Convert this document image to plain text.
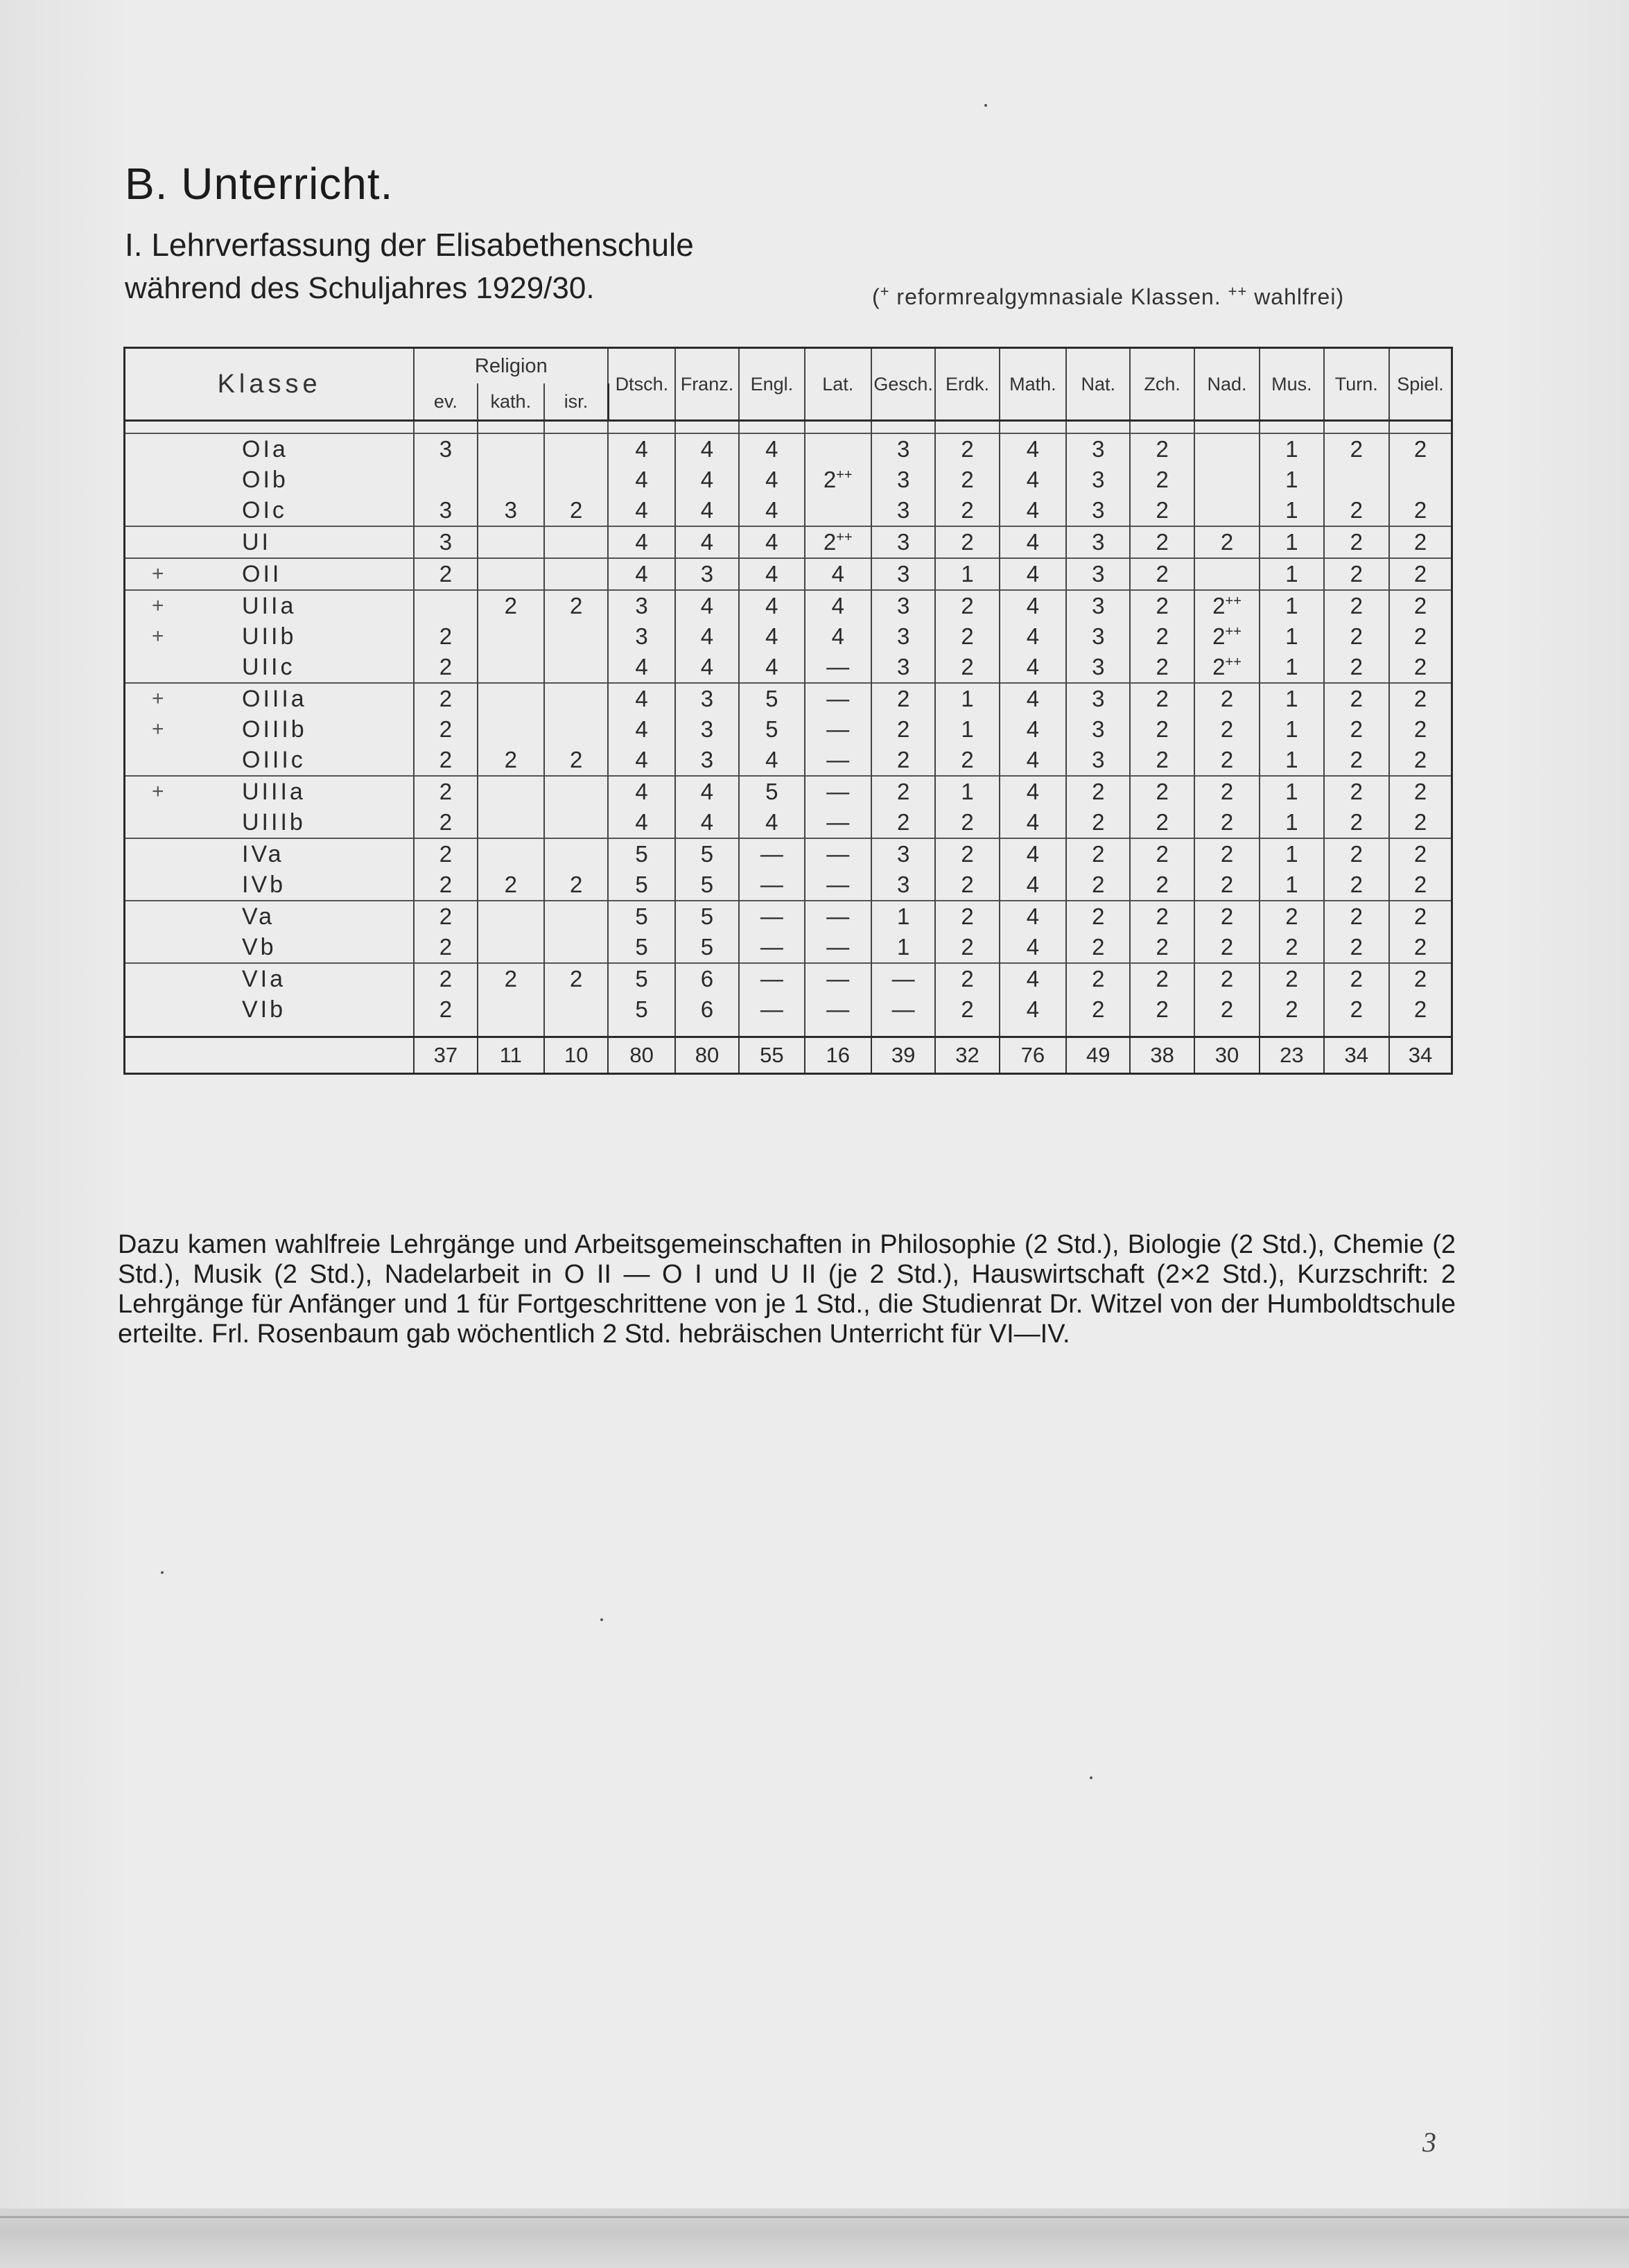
B. Unterricht.
I. Lehrverfassung der Elisabethenschule
während des Schuljahres 1929/30.	(+ reformrealgymnasiale Klassen. ++ wahlfrei)
Klasse	Religion			Dtsch.	Franz.	Engl.	Lat.	Gesch.	Erdk.	Math.	Nat.	Zch.	Nad.	Mus.	Turn.	Spiel.
	ev.	kath.	isr.													

OIa	3			4	4	4		3	2	4	3	2		1	2	2
OIb				4	4	4	2++	3	2	4	3	2		1		
OIc	3	3	2	4	4	4		3	2	4	3	2		1	2	2
UI	3			4	4	4	2++	3	2	4	3	2	2	1	2	2

+ OII	2			4	3	4	4	3	1	4	3	2		1	2	2

+ UIIa		2	2	3	4	4	4	3	2	4	3	2	2++	1	2	2

+ UIIb	2			3	4	4	4	3	2	4	3	2	2++	1	2	2
UIIc	2			4	4	4	—	3	2	4	3	2	2++	1	2	2

+ OIIIa	2			4	3	5	—	2	1	4	3	2	2	1	2	2

+ OIIIb	2			4	3	5	—	2	1	4	3	2	2	1	2	2
OIIIc	2	2	2	4	3	4	—	2	2	4	3	2	2	1	2	2

+ UIIIa	2			4	4	5	—	2	1	4	2	2	2	1	2	2
UIIIb	2			4	4	4	—	2	2	4	2	2	2	1	2	2
IVa	2			5	5	—	—	3	2	4	2	2	2	1	2	2
IVb	2	2	2	5	5	—	—	3	2	4	2	2	2	1	2	2
Va	2			5	5	—	—	1	2	4	2	2	2	2	2	2
Vb	2			5	5	—	—	1	2	4	2	2	2	2	2	2
VIa	2	2	2	5	6	—	—	—	2	4	2	2	2	2	2	2
VIb	2			5	6	—	—	—	2	4	2	2	2	2	2	2

	37	11	10	80	80	55	16	39	32	76	49	38	30	23	34	34

Dazu kamen wahlfreie Lehrgänge und Arbeitsgemeinschaften in Philosophie (2 Std.), Biologie (2 Std.), Chemie (2 Std.), Musik (2 Std.), Nadelarbeit in O II — O I und U II (je 2 Std.), Hauswirtschaft (2×2 Std.), Kurzschrift: 2 Lehrgänge für Anfänger und 1 für Fortgeschrittene von je 1 Std., die Studienrat Dr. Witzel von der Humboldtschule erteilte. Frl. Rosenbaum gab wöchentlich 2 Std. hebräischen Unterricht für VI—IV.

3
